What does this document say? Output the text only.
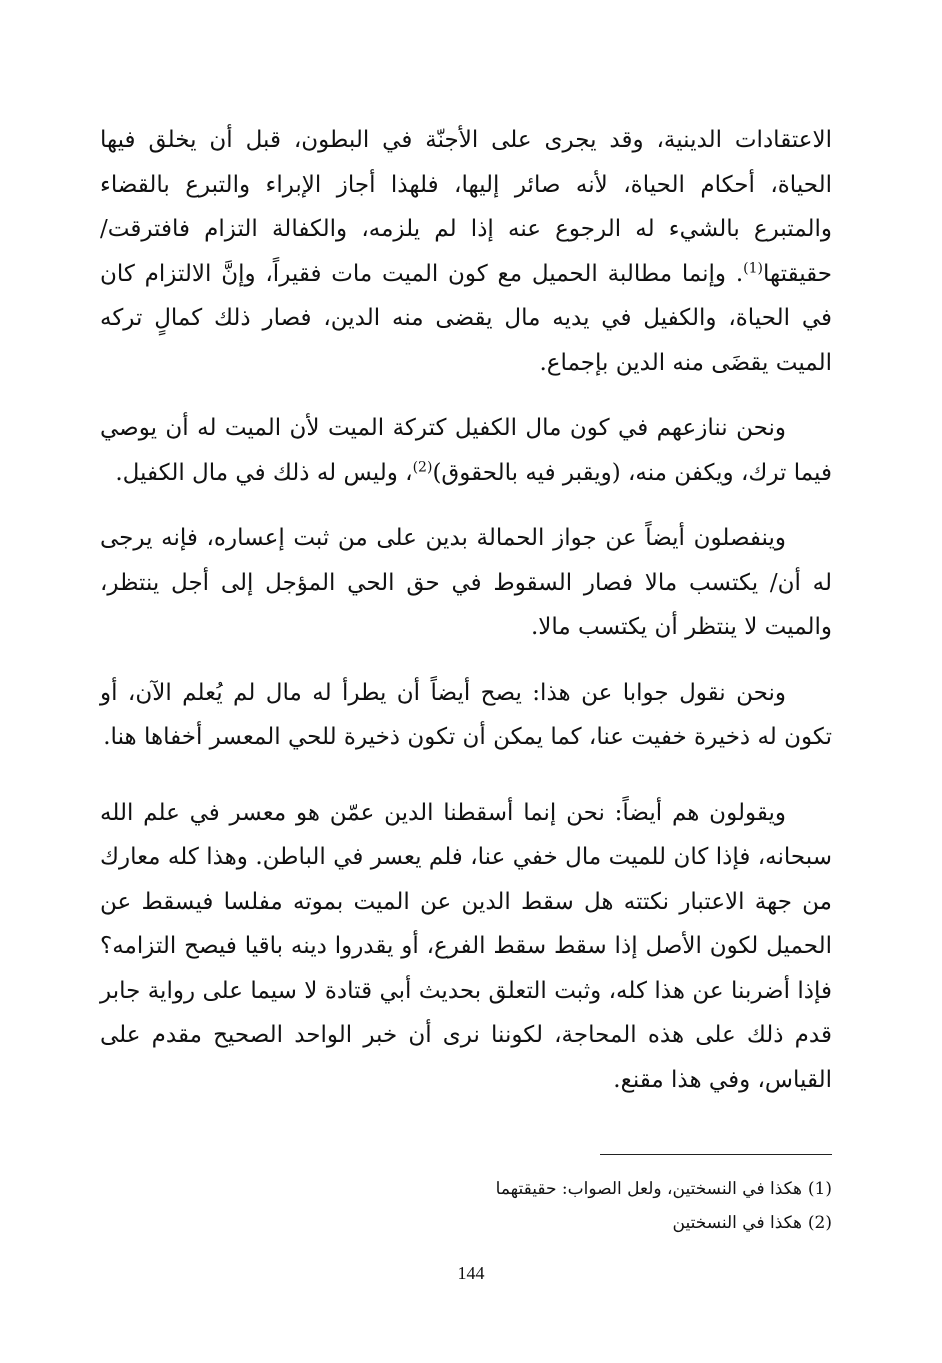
الاعتقادات الدينية، وقد يجرى على الأجنّة في البطون، قبل أن يخلق فيها الحياة، أحكام الحياة، لأنه صائر إليها، فلهذا أجاز الإبراء والتبرع بالقضاء والمتبرع بالشيء له الرجوع عنه إذا لم يلزمه، والكفالة التزام فافترقت/ حقيقتها$^{(1)}$. وإنما مطالبة الحميل مع كون الميت مات فقيراً، وإنَّ الالتزام كان في الحياة، والكفيل في يديه مال يقضى منه الدين، فصار ذلك كمالٍ تركه الميت يقضَى منه الدين بإجماع.

ونحن ننازعهم في كون مال الكفيل كتركة الميت لأن الميت له أن يوصي فيما ترك، ويكفن منه، (ويقبر فيه بالحقوق)$^{(2)}$، وليس له ذلك في مال الكفيل.

وينفصلون أيضاً عن جواز الحمالة بدين على من ثبت إعساره، فإنه يرجى له أن/ يكتسب مالا فصار السقوط في حق الحي المؤجل إلى أجل ينتظر، والميت لا ينتظر أن يكتسب مالا.

ونحن نقول جوابا عن هذا: يصح أيضاً أن يطرأ له مال لم يُعلم الآن، أو تكون له ذخيرة خفيت عنا، كما يمكن أن تكون ذخيرة للحي المعسر أخفاها هنا.

ويقولون هم أيضاً: نحن إنما أسقطنا الدين عمّن هو معسر في علم الله سبحانه، فإذا كان للميت مال خفي عنا، فلم يعسر في الباطن. وهذا كله معارك من جهة الاعتبار نكتته هل سقط الدين عن الميت بموته مفلسا فيسقط عن الحميل لكون الأصل إذا سقط سقط الفرع، أو يقدروا دينه باقيا فيصح التزامه؟ فإذا أضربنا عن هذا كله، وثبت التعلق بحديث أبي قتادة لا سيما على رواية جابر قدم ذلك على هذه المحاجة، لكوننا نرى أن خبر الواحد الصحيح مقدم على القياس، وفي هذا مقنع.

(1)هكذا في النسختين، ولعل الصواب: حقيقتهما
(2)هكذا في النسختين
144
